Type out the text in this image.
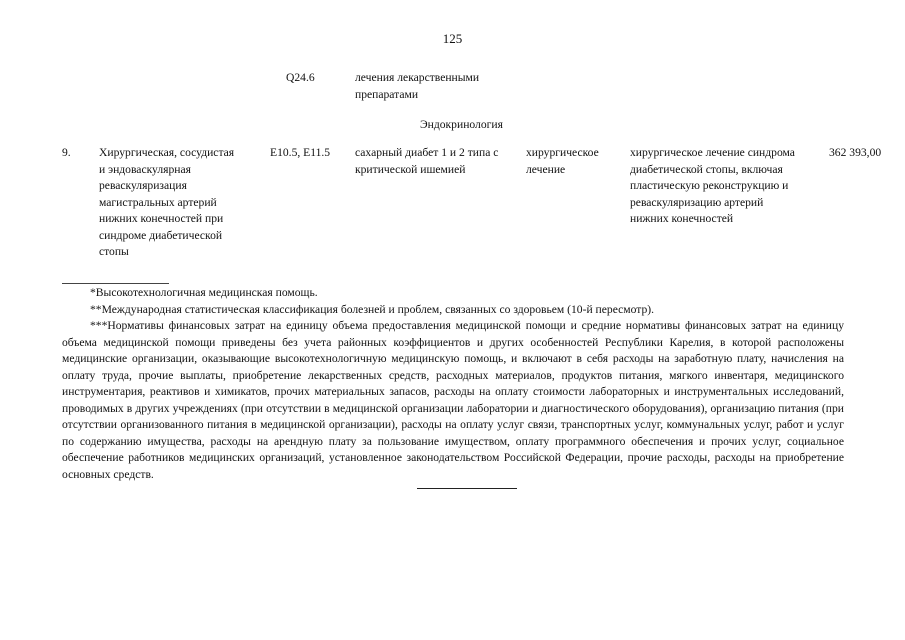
125
Q24.6	лечения лекарственными
препаратами
Эндокринология
9. Хирургическая, сосудистая
и эндоваскулярная
реваскуляризация
магистральных артерий
нижних конечностей при
синдроме диабетической
стопы
E10.5, E11.5 сахарный диабет 1 и 2 типа с
критической ишемией
хирургическое
лечение
хирургическое лечение синдрома
диабетической стопы, включая
пластическую реконструкцию и
реваскуляризацию артерий
нижних конечностей
362 393,00

*Высокотехнологичная медицинская помощь.

**Международная статистическая классификация болезней и проблем, связанных со здоровьем (10-й пересмотр).

***Нормативы финансовых затрат на единицу объема предоставления медицинской помощи и средние нормативы финансовых затрат на единицу объема медицинской помощи приведены без учета районных коэффициентов и других особенностей Республики Карелия, в которой расположены медицинские организации, оказывающие высокотехнологичную медицинскую помощь, и включают в себя расходы на заработную плату, начисления на оплату труда, прочие выплаты, приобретение лекарственных средств, расходных материалов, продуктов питания, мягкого инвентаря, медицинского инструментария, реактивов и химикатов, прочих материальных запасов, расходы на оплату стоимости лабораторных и инструментальных исследований, проводимых в других учреждениях (при отсутствии в медицинской организации лаборатории и диагностического оборудования), организацию питания (при отсутствии организованного питания в медицинской организации), расходы на оплату услуг связи, транспортных услуг, коммунальных услуг, работ и услуг по содержанию имущества, расходы на арендную плату за пользование имуществом, оплату программного обеспечения и прочих услуг, социальное обеспечение работников медицинских организаций, установленное законодательством Российской Федерации, прочие расходы, расходы на приобретение основных средств.
